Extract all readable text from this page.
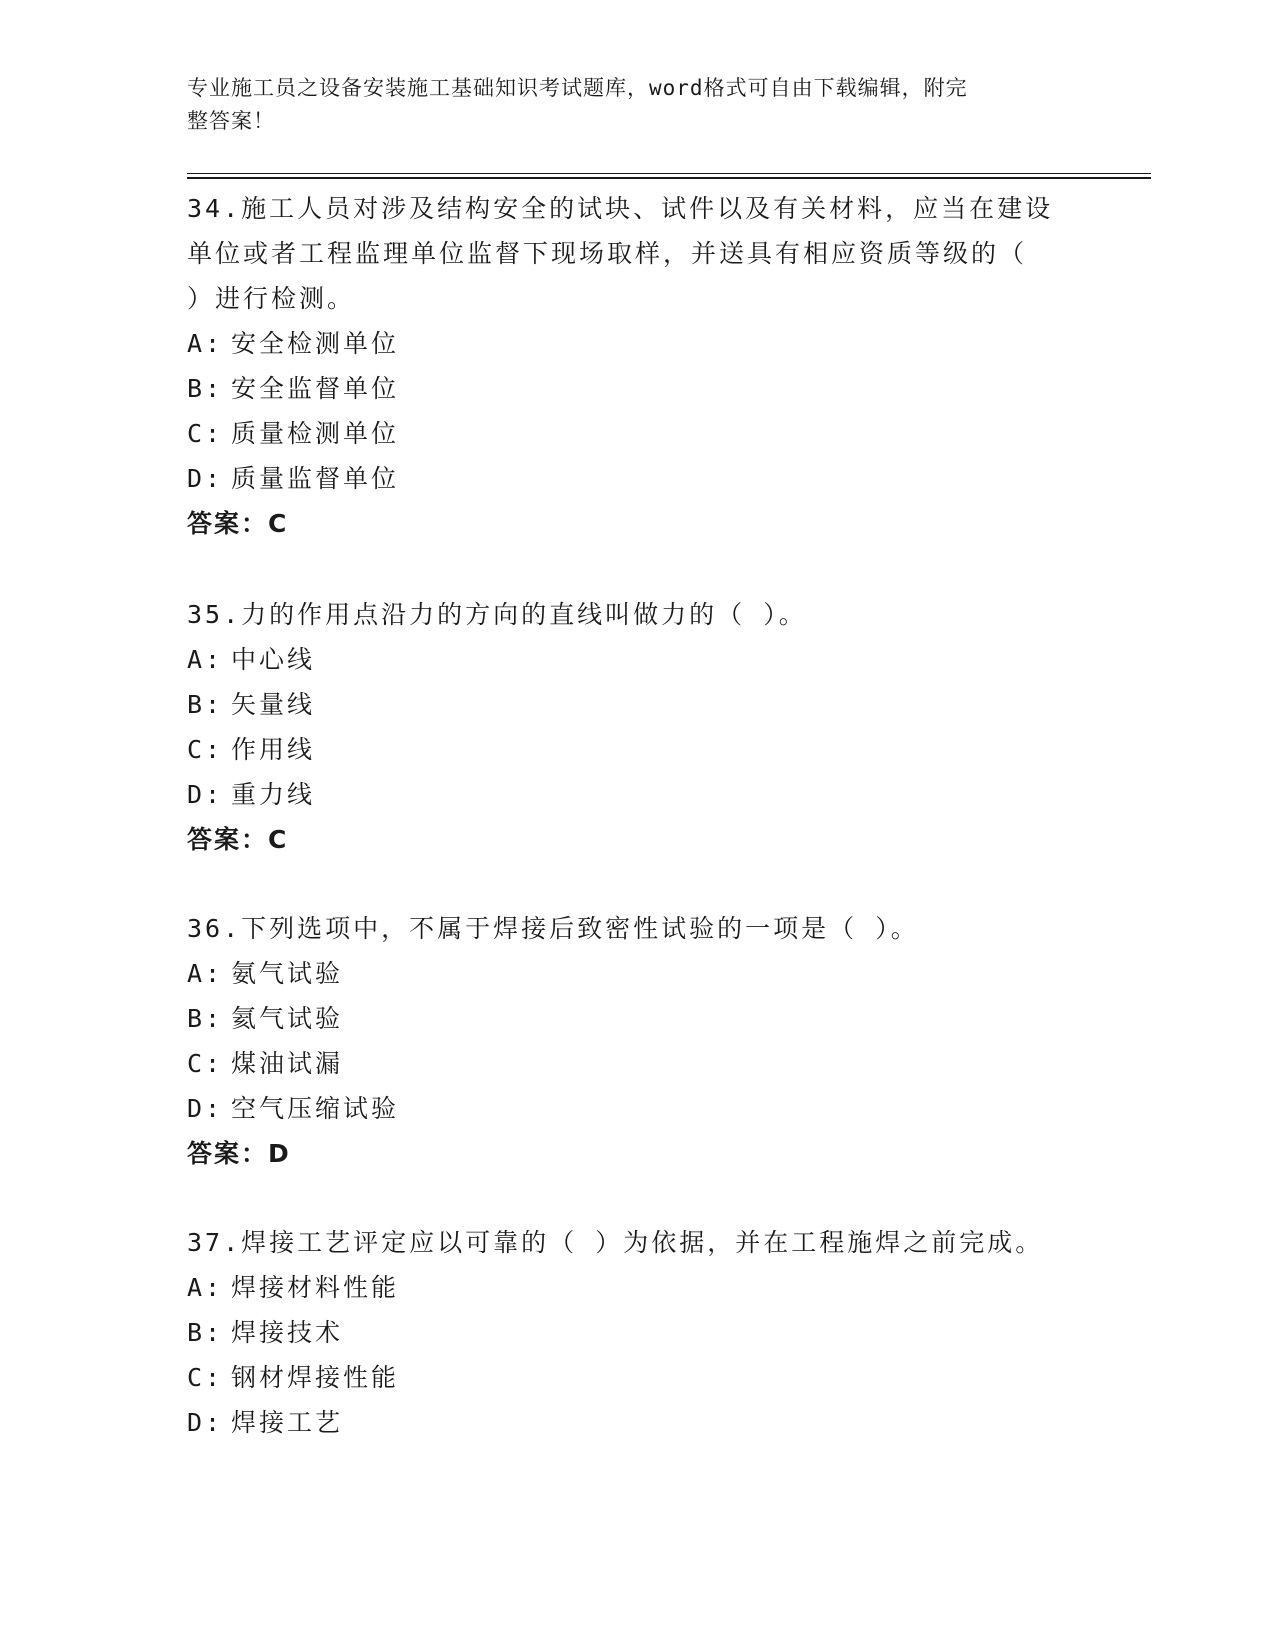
专业施工员之设备安装施工基础知识考试题库，word格式可自由下载编辑，附完
整答案！
34.施工人员对涉及结构安全的试块、试件以及有关材料，应当在建设
单位或者工程监理单位监督下现场取样，并送具有相应资质等级的（
）进行检测。
A: 安全检测单位
B: 安全监督单位
C: 质量检测单位
D: 质量监督单位
答案：C
35.力的作用点沿力的方向的直线叫做力的（ ）。
A: 中心线
B: 矢量线
C: 作用线
D: 重力线
答案：C
36.下列选项中，不属于焊接后致密性试验的一项是（ ）。
A: 氨气试验
B: 氦气试验
C: 煤油试漏
D: 空气压缩试验
答案：D
37.焊接工艺评定应以可靠的（ ）为依据，并在工程施焊之前完成。
A: 焊接材料性能
B: 焊接技术
C: 钢材焊接性能
D: 焊接工艺
